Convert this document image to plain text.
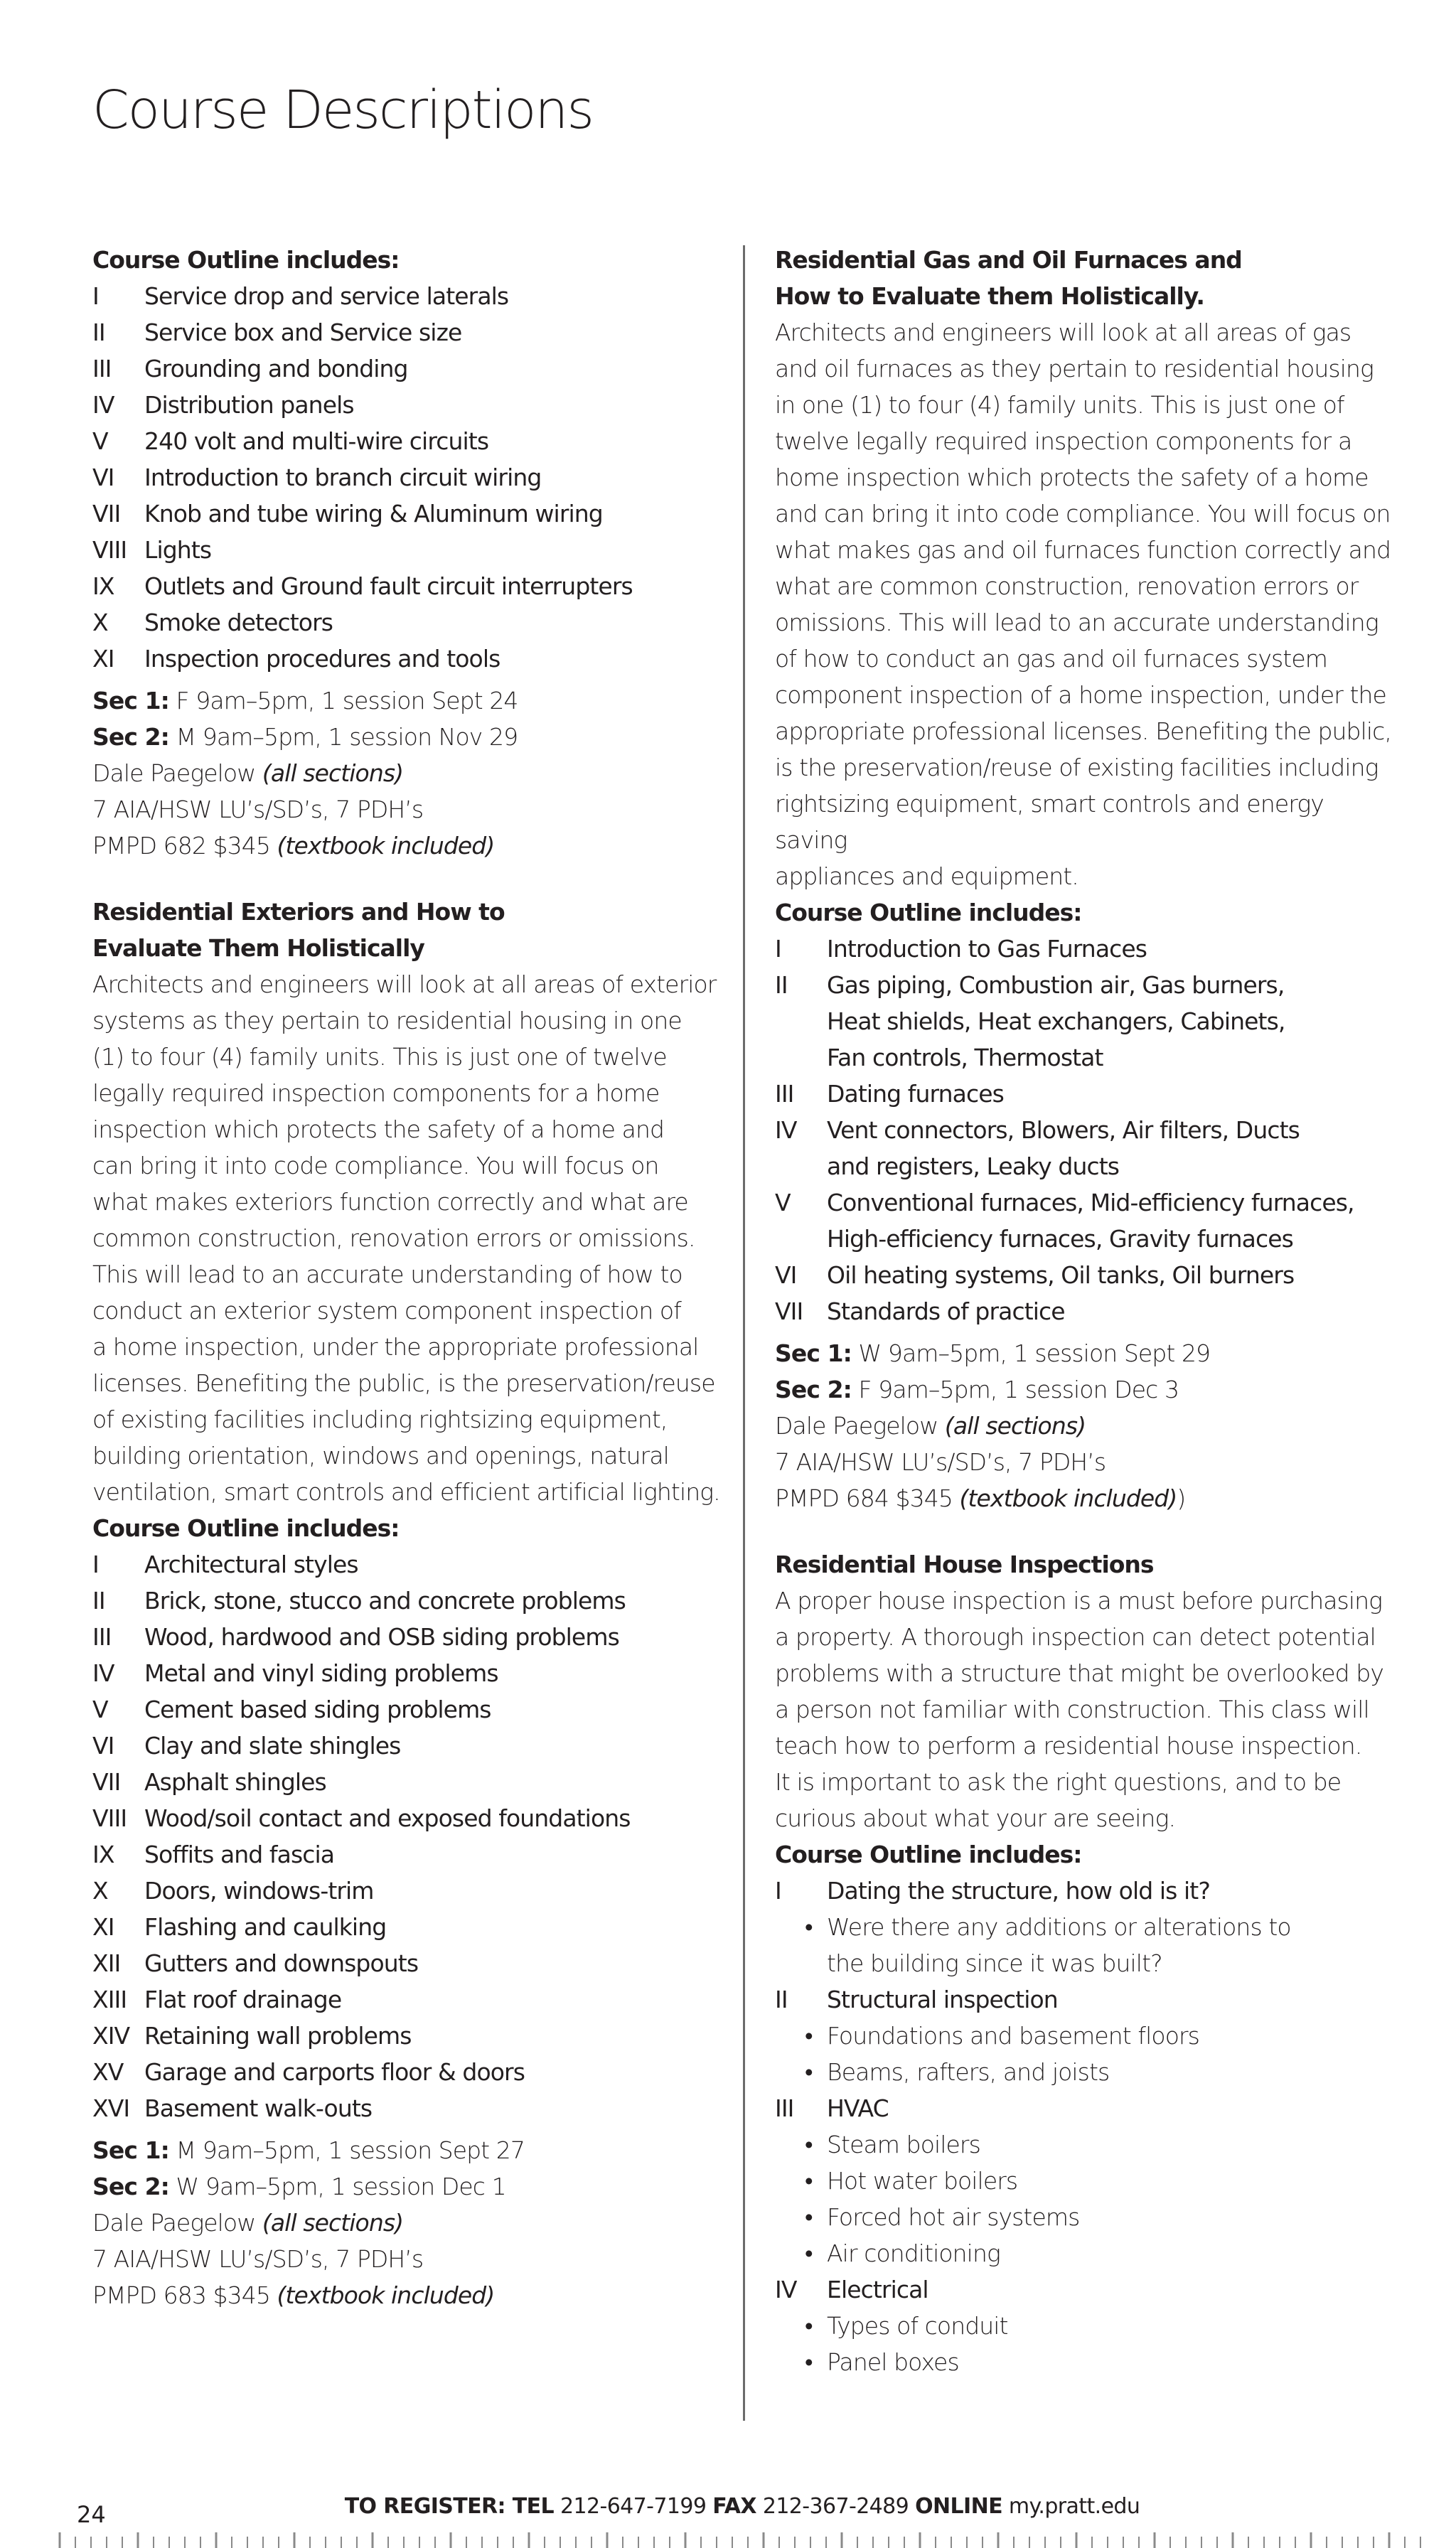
Course Descriptions
Course Outline includes:
I	Service drop and service laterals
II	Service box and Service size
III	Grounding and bonding
IV	Distribution panels
V	240 volt and multi-wire circuits
VI	Introduction to branch circuit wiring
VII	Knob and tube wiring & Aluminum wiring
VIII Lights
IX	Outlets and Ground fault circuit interrupters
X	Smoke detectors
XI	Inspection procedures and tools
Sec 1: F 9am–5pm, 1 session Sept 24
Sec 2: M 9am–5pm, 1 session Nov 29
Dale Paegelow (all sections)
7 AIA/HSW LU’s/SD’s, 7 PDH’s
PMPD 682 $345 (textbook included)
Residential Exteriors and How to
Evaluate Them Holistically
Architects and engineers will look at all areas of exterior
systems as they pertain to residential housing in one
(1) to four (4) family units. This is just one of twelve
legally required inspection components for a home
inspection which protects the safety of a home and
can bring it into code compliance. You will focus on
what makes exteriors function correctly and what are
common construction, renovation errors or omissions.
This will lead to an accurate understanding of how to
conduct an exterior system component inspection of
a home inspection, under the appropriate professional
licenses. Benefiting the public, is the preservation/reuse
of existing facilities including rightsizing equipment,
building orientation, windows and openings, natural
ventilation, smart controls and efficient artificial lighting.
Course Outline includes:
I	Architectural styles
II	Brick, stone, stucco and concrete problems
III	Wood, hardwood and OSB siding problems
IV	Metal and vinyl siding problems
V	Cement based siding problems
VI	Clay and slate shingles
VII	Asphalt shingles
VIII Wood/soil contact and exposed foundations
IX	Soffits and fascia
X	Doors, windows-trim
XI	Flashing and caulking
XII	Gutters and downspouts
XIII Flat roof drainage
XIV Retaining wall problems
XV Garage and carports floor & doors
XVI Basement walk-outs
Sec 1: M 9am–5pm, 1 session Sept 27
Sec 2: W 9am–5pm, 1 session Dec 1
Dale Paegelow (all sections)
7 AIA/HSW LU’s/SD’s, 7 PDH’s
PMPD 683 $345 (textbook included)
Residential Gas and Oil Furnaces and
How to Evaluate them Holistically.
Architects and engineers will look at all areas of gas
and oil furnaces as they pertain to residential housing
in one (1) to four (4) family units. This is just one of
twelve legally required inspection components for a
home inspection which protects the safety of a home
and can bring it into code compliance. You will focus on
what makes gas and oil furnaces function correctly and
what are common construction, renovation errors or
omissions. This will lead to an accurate understanding
of how to conduct an gas and oil furnaces system
component inspection of a home inspection, under the
appropriate professional licenses. Benefiting the public,
is the preservation/reuse of existing facilities including
rightsizing equipment, smart controls and energy saving
appliances and equipment.
Course Outline includes:
I	Introduction to Gas Furnaces
II	Gas piping, Combustion air, Gas burners,
Heat shields, Heat exchangers, Cabinets,
Fan controls, Thermostat
III	Dating furnaces
IV	Vent connectors, Blowers, Air filters, Ducts
and registers, Leaky ducts
V	Conventional furnaces, Mid-efficiency furnaces,
High-efficiency furnaces, Gravity furnaces
VI	Oil heating systems, Oil tanks, Oil burners
VII	Standards of practice
Sec 1: W 9am–5pm, 1 session Sept 29
Sec 2: F 9am–5pm, 1 session Dec 3
Dale Paegelow (all sections)
7 AIA/HSW LU’s/SD’s, 7 PDH’s
PMPD 684 $345 (textbook included))
Residential House Inspections
A proper house inspection is a must before purchasing
a property. A thorough inspection can detect potential
problems with a structure that might be overlooked by
a person not familiar with construction. This class will
teach how to perform a residential house inspection.
It is important to ask the right questions, and to be
curious about what your are seeing.
Course Outline includes:
I	Dating the structure, how old is it?
• Were there any additions or alterations to
the building since it was built?
II	Structural inspection
• Foundations and basement floors
• Beams, rafters, and joists
III	HVAC
• Steam boilers
• Hot water boilers
• Forced hot air systems
• Air conditioning
IV	Electrical
• Types of conduit
• Panel boxes
24	TO REGISTER: TEL 212-647-7199 FAX 212-367-2489 ONLINE my.pratt.edu
